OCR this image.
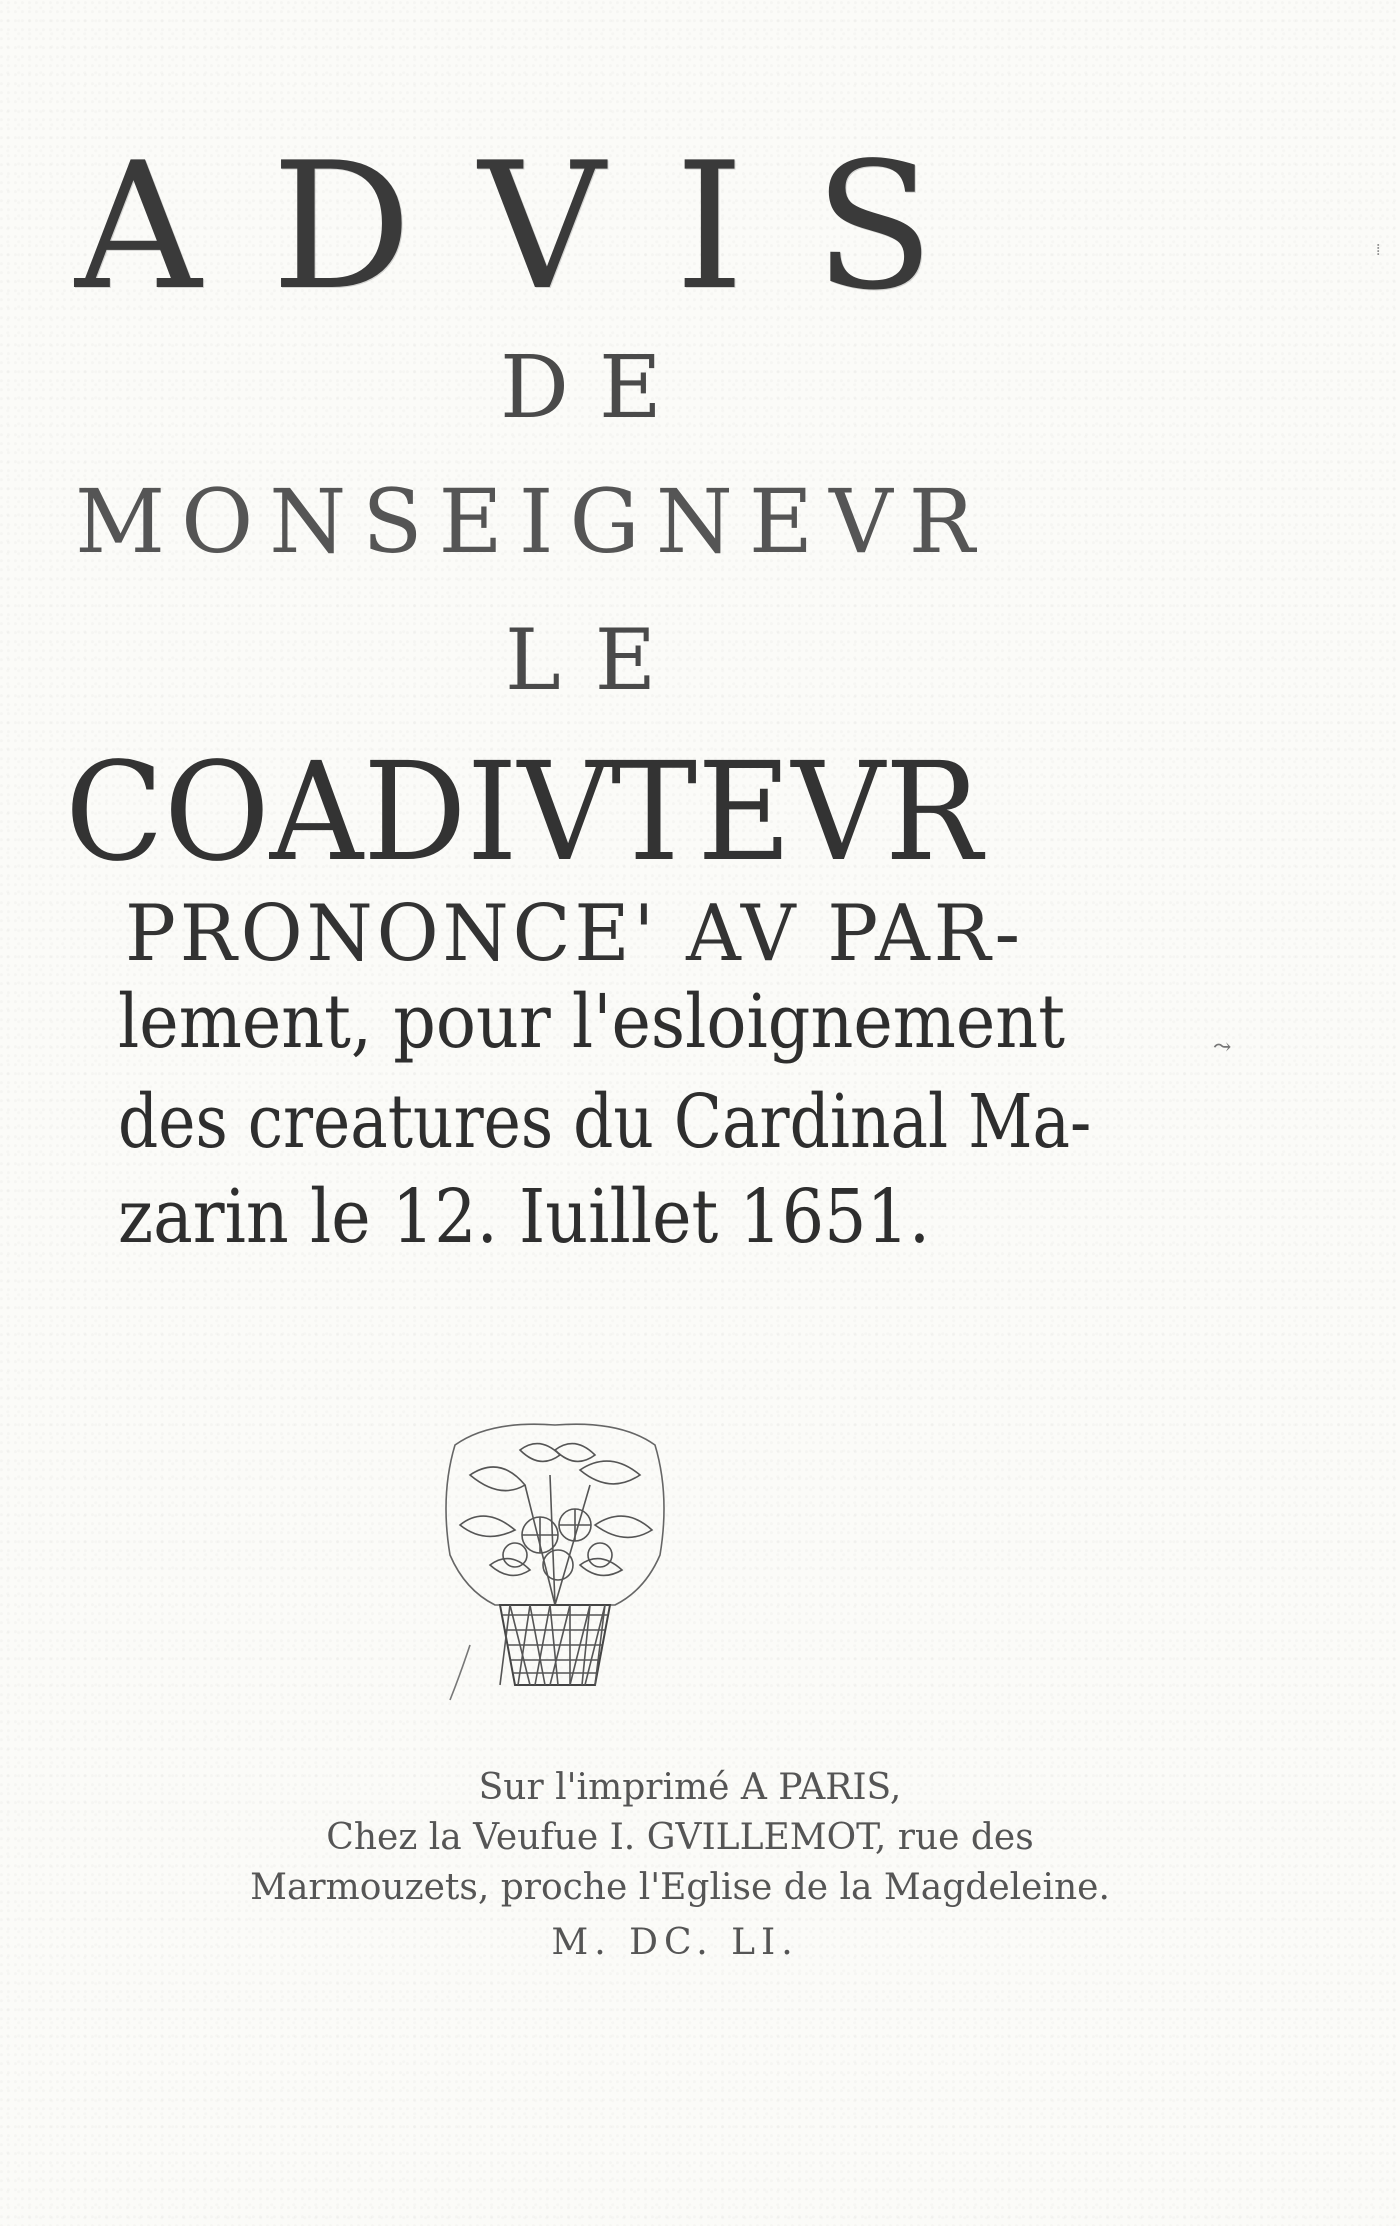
ADVIS
DE
MONSEIGNEVR
LE
COADIVTEVR
PRONONCE' AV PAR-
lement, pour l'esloignement
des creatures du Cardinal Ma-
zarin le 12. Iuillet 1651.
Sur l'imprimé A PARIS,
Chez la Veufue I. GVILLEMOT, rue des
Marmouzets, proche l'Eglise de la Magdeleine.
M. DC. LI.
⤳
⁞
